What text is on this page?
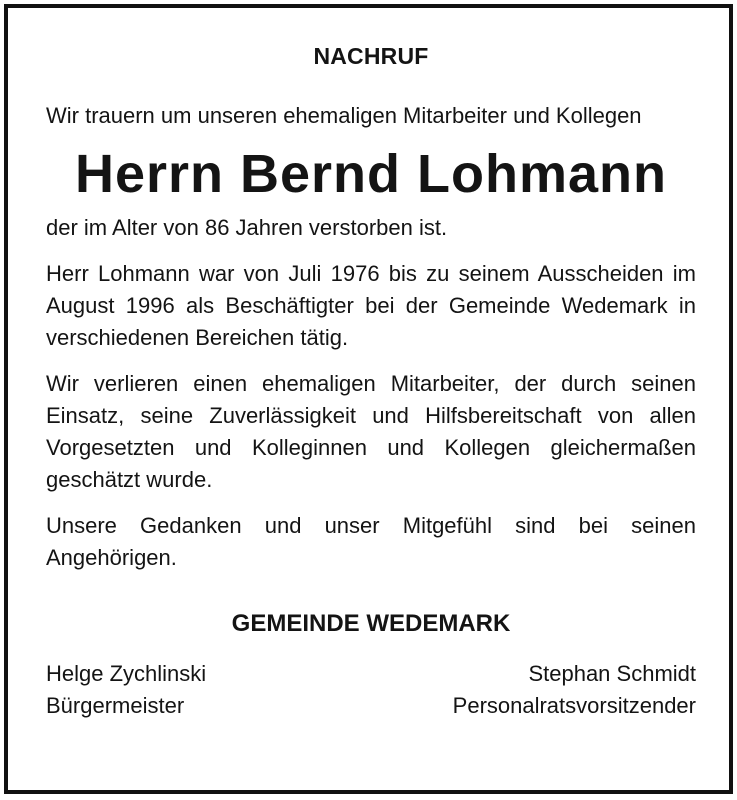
NACHRUF

Wir trauern um unseren ehemaligen Mitarbeiter und Kollegen

Herrn Bernd Lohmann

der im Alter von 86 Jahren verstorben ist.

Herr Lohmann war von Juli 1976 bis zu seinem Ausscheiden im August 1996 als Beschäftigter bei der Gemeinde Wedemark in verschiedenen Bereichen tätig.

Wir verlieren einen ehemaligen Mitarbeiter, der durch seinen Einsatz, seine Zuverlässigkeit und Hilfsbereitschaft von allen Vorgesetzten und Kolleginnen und Kollegen gleichermaßen geschätzt wurde.

Unsere Gedanken und unser Mitgefühl sind bei seinen Angehörigen.

GEMEINDE WEDEMARK
Helge Zychlinski
Bürgermeister
Stephan Schmidt
Personalratsvorsitzender
